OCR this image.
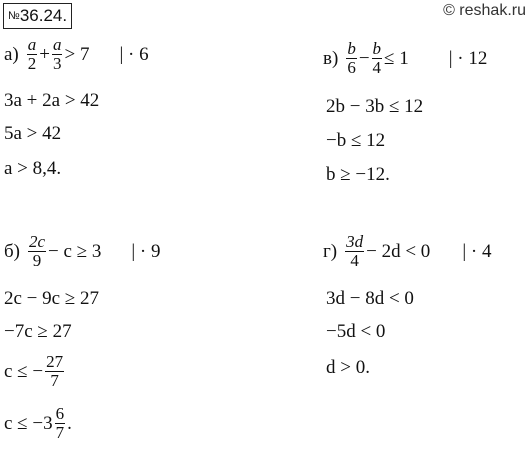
№36.24.	© reshak.ru
$а) \frac{a}{2} + \frac{a}{3} > 7$ | · 6
3a + 2a > 42
5a > 42
a > 8,4.
$в) \frac{b}{6} - \frac{b}{4} \le 1$ | · 12
2b − 3b ≤ 12
−b ≤ 12
b ≥ −12.
$б) \frac{2c}{9} - c \ge 3$ | · 9
2c − 9c ≥ 27
−7c ≥ 27
c ≤ − $\frac{27}{7}$
$c \le -3 \frac{6}{7}$ .
$г) \frac{3d}{4} - 2d < 0$ | · 4
3d − 8d < 0
−5d < 0
d > 0.
